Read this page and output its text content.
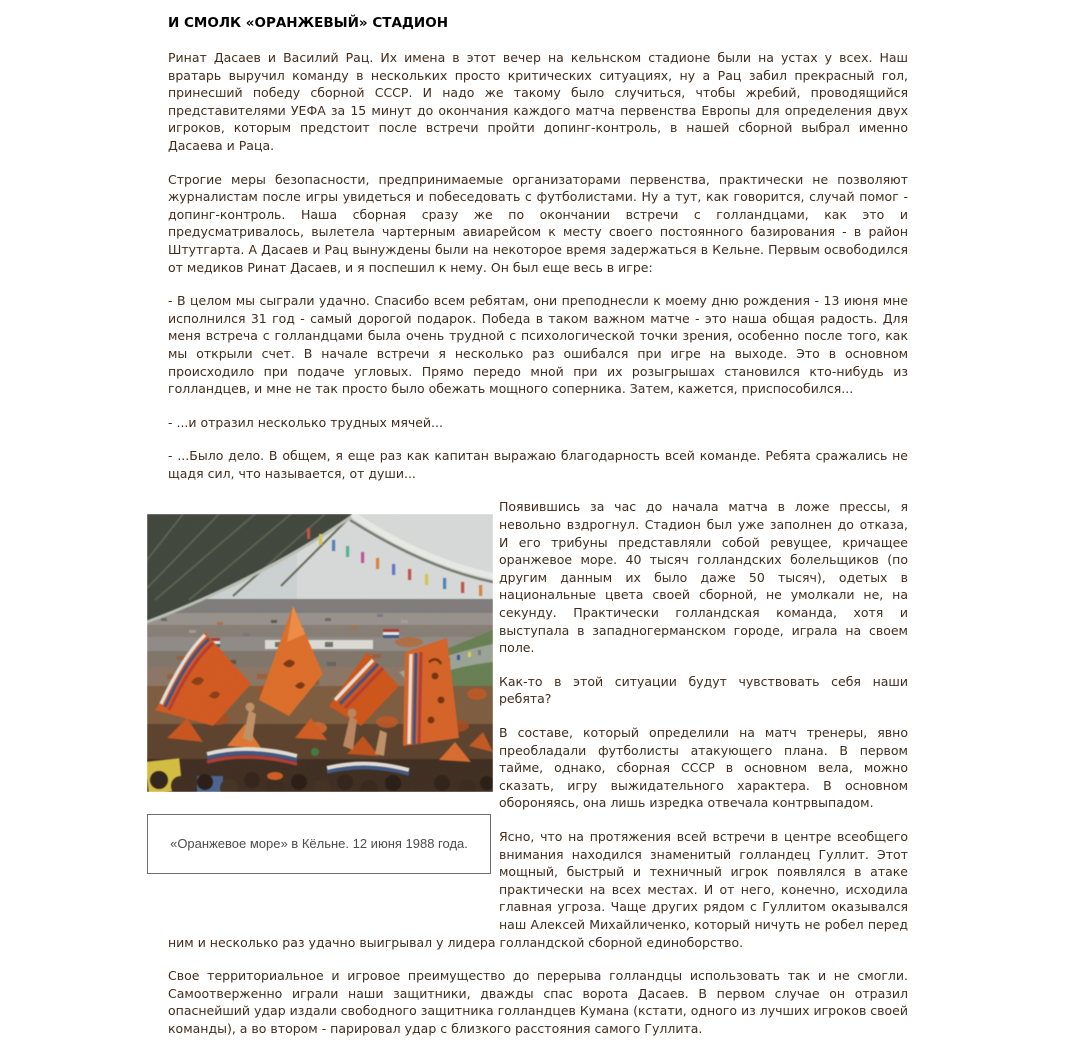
И СМОЛК «ОРАНЖЕВЫЙ» СТАДИОН

Ринат Дасаев и Василий Рац. Их имена в этот вечер на кельнском стадионе были на устах у всех. Наш вратарь выручил команду в нескольких просто критических ситуациях, ну а Рац забил прекрасный гол, принесший победу сборной СССР. И надо же такому было случиться, чтобы жребий, проводящийся представителями УЕФА за 15 минут до окончания каждого матча первенства Европы для определения двух игроков, которым предстоит после встречи пройти допинг-контроль, в нашей сборной выбрал именно Дасаева и Раца.

Строгие меры безопасности, предпринимаемые организаторами первенства, практически не позволяют журналистам после игры увидеться и побеседовать с футболистами. Ну а тут, как говорится, случай помог - допинг-контроль. Наша сборная сразу же по окончании встречи с голландцами, как это и предусматривалось, вылетела чартерным авиарейсом к месту своего постоянного базирования - в район Штутгарта. А Дасаев и Рац вынуждены были на некоторое время задержаться в Кельне. Первым освободился от медиков Ринат Дасаев, и я поспешил к нему. Он был еще весь в игре:

- В целом мы сыграли удачно. Спасибо всем ребятам, они преподнесли к моему дню рождения - 13 июня мне исполнился 31 год - самый дорогой подарок. Победа в таком важном матче - это наша общая радость. Для меня встреча с голландцами была очень трудной с психологической точки зрения, особенно после того, как мы открыли счет. В начале встречи я несколько раз ошибался при игре на выходе. Это в основном происходило при подаче угловых. Прямо передо мной при их розыгрышах становился кто-нибудь из голландцев, и мне не так просто было обежать мощного соперника. Затем, кажется, приспособился...

- ...и отразил несколько трудных мячей...

- ...Было дело. В общем, я еще раз как капитан выражаю благодарность всей команде. Ребята сражались не щадя сил, что называется, от души...

«Оранжевое море» в Кёльне. 12 июня 1988 года.

Появившись за час до начала матча в ложе прессы, я невольно вздрогнул. Стадион был уже заполнен до отказа, И его трибуны представляли собой ревущее, кричащее оранжевое море. 40 тысяч голландских болельщиков (по другим данным их было даже 50 тысяч), одетых в национальные цвета своей сборной, не умолкали не, на секунду. Практически голландская команда, хотя и выступала в западногерманском городе, играла на своем поле.

Как-то в этой ситуации будут чувствовать себя наши ребята?

В составе, который определили на матч тренеры, явно преобладали футболисты атакующего плана. В первом тайме, однако, сборная СССР в основном вела, можно сказать, игру выжидательного характера. В основном обороняясь, она лишь изредка отвечала контрвыпадом.

Ясно, что на протяжения всей встречи в центре всеобщего внимания находился знаменитый голландец Гуллит. Этот мощный, быстрый и техничный игрок появлялся в атаке практически на всех местах. И от него, конечно, исходила главная угроза. Чаще других рядом с Гуллитом оказывался наш Алексей Михайличенко, который ничуть не робел перед ним и несколько раз удачно выигрывал у лидера голландской сборной единоборство.

Свое территориальное и игровое преимущество до перерыва голландцы использовать так и не смогли. Самоотверженно играли наши защитники, дважды спас ворота Дасаев. В первом случае он отразил опаснейший удар издали свободного защитника голландцев Кумана (кстати, одного из лучших игроков своей команды), а во втором - парировал удар с близкого расстояния самого Гуллита.
